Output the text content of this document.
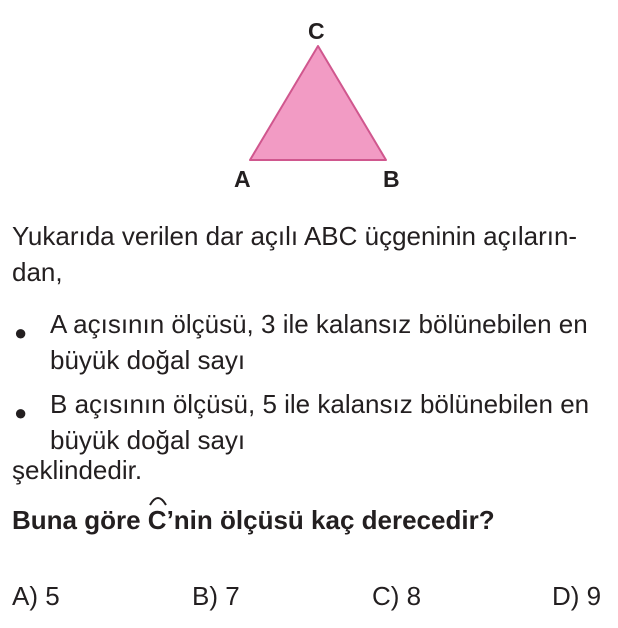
C
A	B
Yukarıda verilen dar açılı ABC üçgeninin açıların-dan,
● A açısının ölçüsü, 3 ile kalansız bölünebilen en büyük doğal sayı
● B açısının ölçüsü, 5 ile kalansız bölünebilen en büyük doğal sayı
şeklindedir.
Buna göre
C’nin ölçüsü kaç derecedir?
A) 5	B) 7	C) 8	D) 9
